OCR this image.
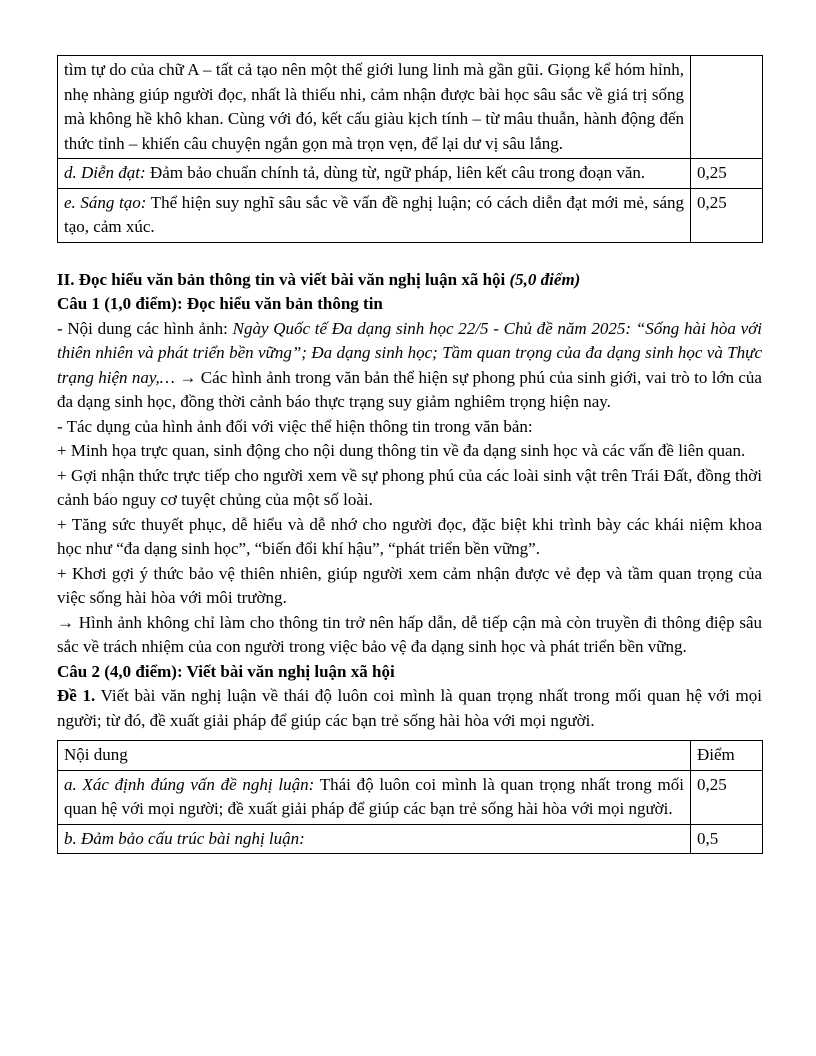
tìm tự do của chữ A – tất cả tạo nên một thế giới lung linh mà gần gũi. Giọng kể hóm hỉnh, nhẹ nhàng giúp người đọc, nhất là thiếu nhi, cảm nhận được bài học sâu sắc về giá trị sống mà không hề khô khan. Cùng với đó, kết cấu giàu kịch tính – từ mâu thuẫn, hành động đến thức tỉnh – khiến câu chuyện ngắn gọn mà trọn vẹn, để lại dư vị sâu lắng.	
d. Diễn đạt: Đảm bảo chuẩn chính tả, dùng từ, ngữ pháp, liên kết câu trong đoạn văn.	0,25
e. Sáng tạo: Thể hiện suy nghĩ sâu sắc về vấn đề nghị luận; có cách diễn đạt mới mẻ, sáng tạo, cảm xúc.	0,25

II. Đọc hiểu văn bản thông tin và viết bài văn nghị luận xã hội (5,0 điểm)

Câu 1 (1,0 điểm): Đọc hiểu văn bản thông tin

- Nội dung các hình ảnh: Ngày Quốc tế Đa dạng sinh học 22/5 - Chủ đề năm 2025: “Sống hài hòa với thiên nhiên và phát triển bền vững”; Đa dạng sinh học; Tầm quan trọng của đa dạng sinh học và Thực trạng hiện nay,… → Các hình ảnh trong văn bản thể hiện sự phong phú của sinh giới, vai trò to lớn của đa dạng sinh học, đồng thời cảnh báo thực trạng suy giảm nghiêm trọng hiện nay.

- Tác dụng của hình ảnh đối với việc thể hiện thông tin trong văn bản:

+ Minh họa trực quan, sinh động cho nội dung thông tin về đa dạng sinh học và các vấn đề liên quan.

+ Gợi nhận thức trực tiếp cho người xem về sự phong phú của các loài sinh vật trên Trái Đất, đồng thời cảnh báo nguy cơ tuyệt chủng của một số loài.

+ Tăng sức thuyết phục, dễ hiểu và dễ nhớ cho người đọc, đặc biệt khi trình bày các khái niệm khoa học như “đa dạng sinh học”, “biến đổi khí hậu”, “phát triển bền vững”.

+ Khơi gợi ý thức bảo vệ thiên nhiên, giúp người xem cảm nhận được vẻ đẹp và tầm quan trọng của việc sống hài hòa với môi trường.

→ Hình ảnh không chỉ làm cho thông tin trở nên hấp dẫn, dễ tiếp cận mà còn truyền đi thông điệp sâu sắc về trách nhiệm của con người trong việc bảo vệ đa dạng sinh học và phát triển bền vững.

Câu 2 (4,0 điểm): Viết bài văn nghị luận xã hội

Đề 1. Viết bài văn nghị luận về thái độ luôn coi mình là quan trọng nhất trong mối quan hệ với mọi người; từ đó, đề xuất giải pháp để giúp các bạn trẻ sống hài hòa với mọi người.

Nội dung	Điểm
a. Xác định đúng vấn đề nghị luận: Thái độ luôn coi mình là quan trọng nhất trong mối quan hệ với mọi người; đề xuất giải pháp để giúp các bạn trẻ sống hài hòa với mọi người.	0,25
b. Đảm bảo cấu trúc bài nghị luận:	0,5
